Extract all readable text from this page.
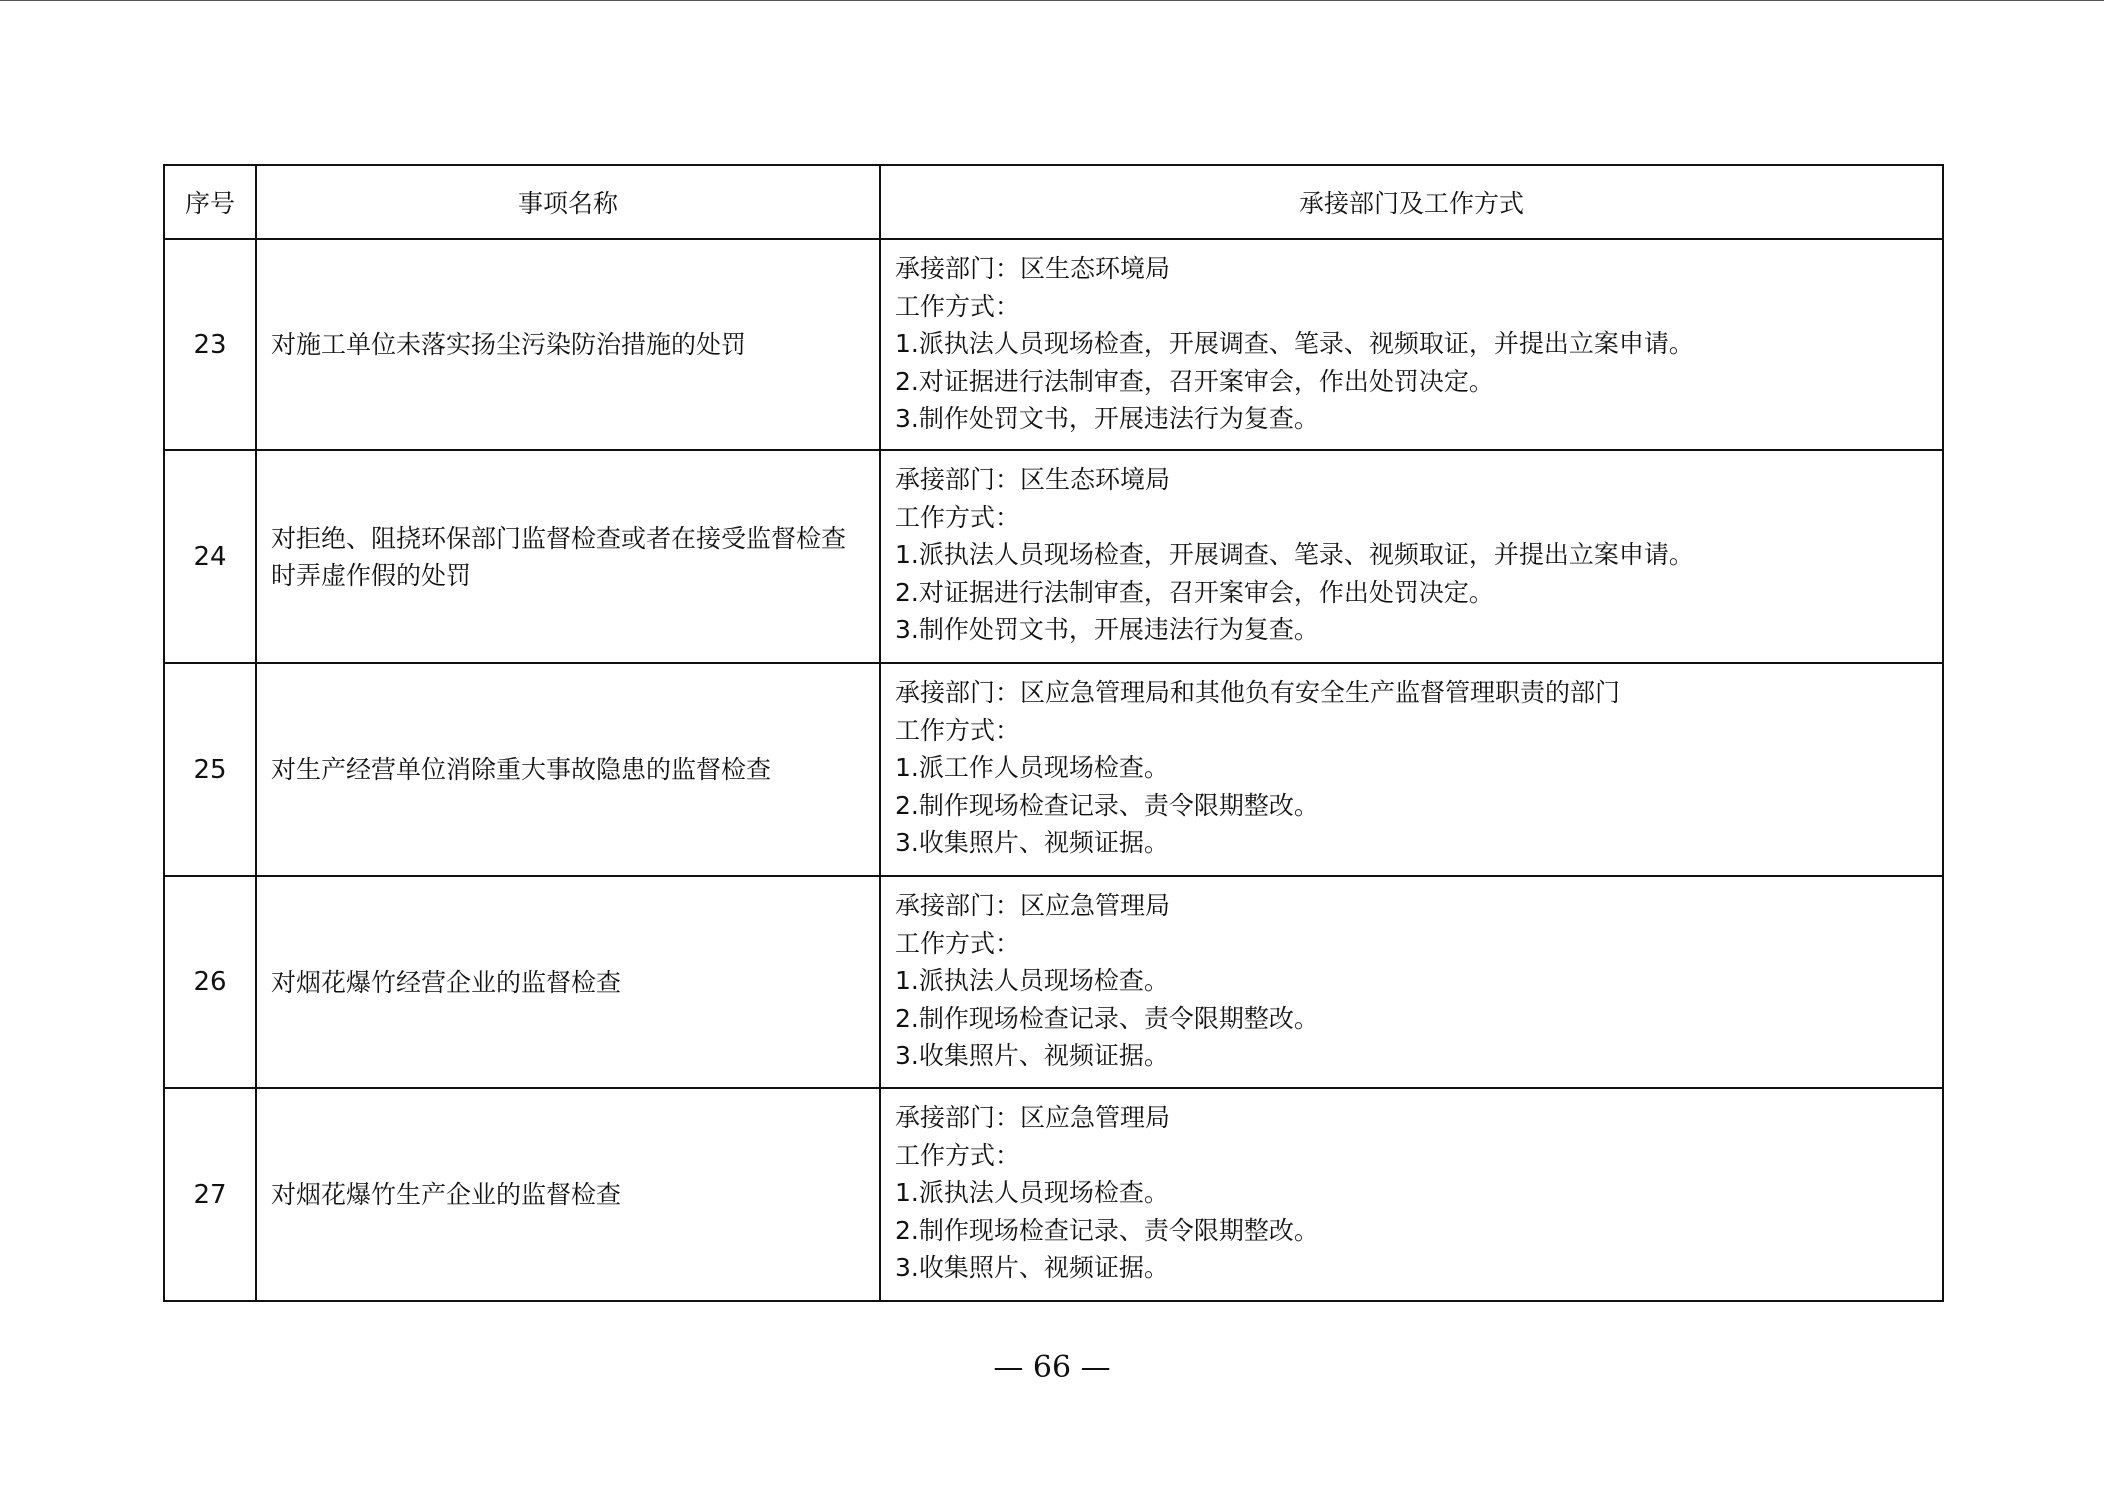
序号	事项名称	承接部门及工作方式
23	对施工单位未落实扬尘污染防治措施的处罚	承接部门：区生态环境局
工作方式：
1.派执法人员现场检查，开展调查、笔录、视频取证，并提出立案申请。
2.对证据进行法制审查，召开案审会，作出处罚决定。
3.制作处罚文书，开展违法行为复查。

24	对拒绝、阻挠环保部门监督检查或者在接受监督检查时弄虚作假的处罚	承接部门：区生态环境局
工作方式：
1.派执法人员现场检查，开展调查、笔录、视频取证，并提出立案申请。
2.对证据进行法制审查，召开案审会，作出处罚决定。
3.制作处罚文书，开展违法行为复查。

25	对生产经营单位消除重大事故隐患的监督检查	承接部门：区应急管理局和其他负有安全生产监督管理职责的部门
工作方式：
1.派工作人员现场检查。
2.制作现场检查记录、责令限期整改。
3.收集照片、视频证据。

26	对烟花爆竹经营企业的监督检查	承接部门：区应急管理局
工作方式：
1.派执法人员现场检查。
2.制作现场检查记录、责令限期整改。
3.收集照片、视频证据。

27	对烟花爆竹生产企业的监督检查	承接部门：区应急管理局
工作方式：
1.派执法人员现场检查。
2.制作现场检查记录、责令限期整改。
3.收集照片、视频证据。
— 66 —
